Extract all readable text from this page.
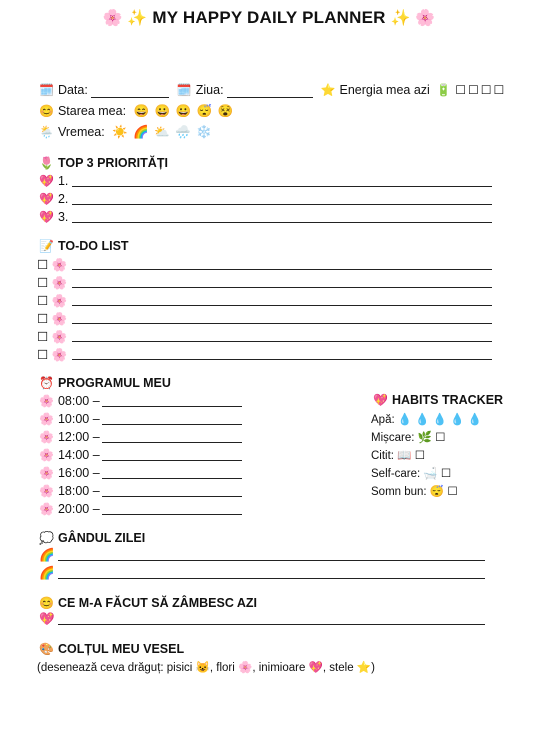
🌸 ✨ MY HAPPY DAILY PLANNER ✨ 🌸
🗓️ Data:	🗓️ Ziua:	⭐ Energia mea azi 🔋 ☐☐☐☐
😊 Starea mea: 😄 😀 😀 😴 😵
🌦️ Vremea: ☀️ 🌈 ⛅ 🌧️ ❄️
🌷 TOP 3 PRIORITĂȚI
💖 1.
💖 2.
💖 3.
📝 TO-DO LIST
☐ 🌸
☐ 🌸
☐ 🌸
☐ 🌸
☐ 🌸
☐ 🌸
⏰ PROGRAMUL MEU
🌸 08:00 –
🌸 10:00 –
🌸 12:00 –
🌸 14:00 –
🌸 16:00 –
🌸 18:00 –
🌸 20:00 –
💖 HABITS TRACKER
Apă: 💧 💧 💧 💧 💧
Mișcare: 🌿 ☐
Citit: 📖 ☐
Self-care: 🛁 ☐
Somn bun: 😴 ☐
💭 GÂNDUL ZILEI
🌈
🌈
😊 CE M-A FĂCUT SĂ ZÂMBESC AZI
💖
🎨 COLȚUL MEU VESEL
(desenează ceva drăguț: pisici 😺, flori 🌸, inimioare 💖, stele ⭐)
